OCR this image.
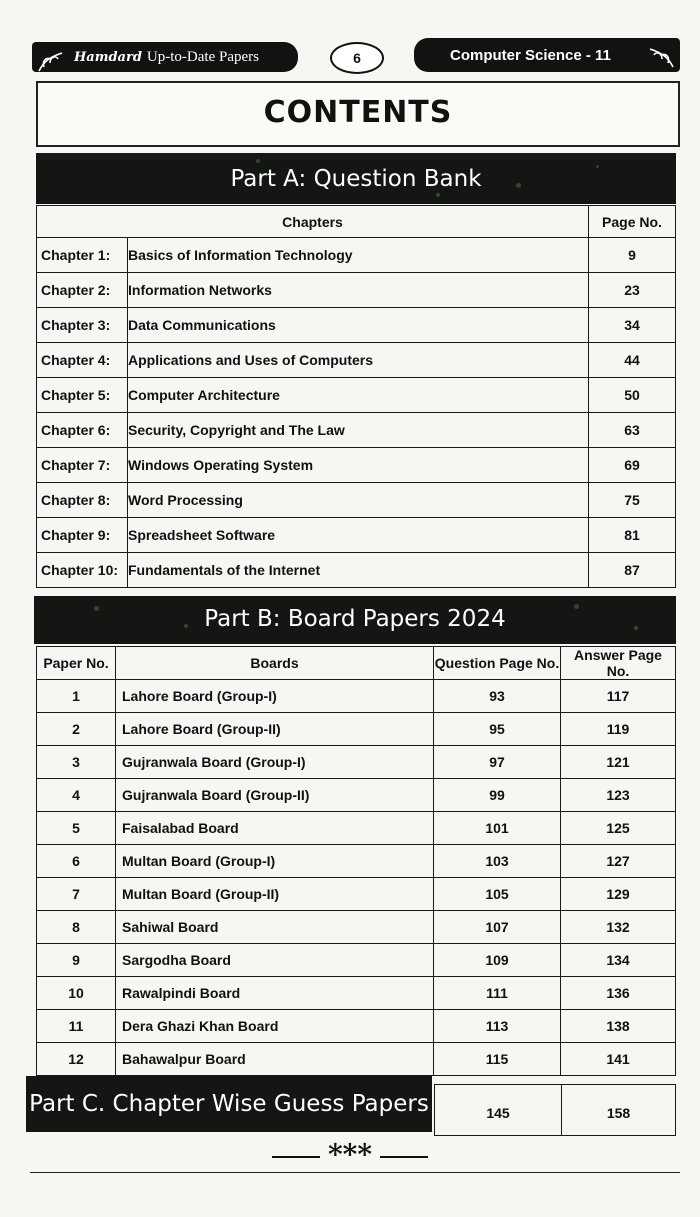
Hamdard Up-to-Date Papers	6	Computer Science - 11
CONTENTS
Part A: Question Bank
Chapters		Page No.
Chapter 1:	Basics of Information Technology	9
Chapter 2:	Information Networks	23
Chapter 3:	Data Communications	34
Chapter 4:	Applications and Uses of Computers	44
Chapter 5:	Computer Architecture	50
Chapter 6:	Security, Copyright and The Law	63
Chapter 7:	Windows Operating System	69
Chapter 8:	Word Processing	75
Chapter 9:	Spreadsheet Software	81
Chapter 10:	Fundamentals of the Internet	87
Part B: Board Papers 2024
Paper No.	Boards	Question Page No.	Answer Page No.
1	Lahore Board (Group-I)	93	117
2	Lahore Board (Group-II)	95	119
3	Gujranwala Board (Group-I)	97	121
4	Gujranwala Board (Group-II)	99	123
5	Faisalabad Board	101	125
6	Multan Board (Group-I)	103	127
7	Multan Board (Group-II)	105	129
8	Sahiwal Board	107	132
9	Sargodha Board	109	134
10	Rawalpindi Board	111	136
11	Dera Ghazi Khan Board	113	138
12	Bahawalpur Board	115	141
Part C. Chapter Wise Guess Papers	145	158
***
